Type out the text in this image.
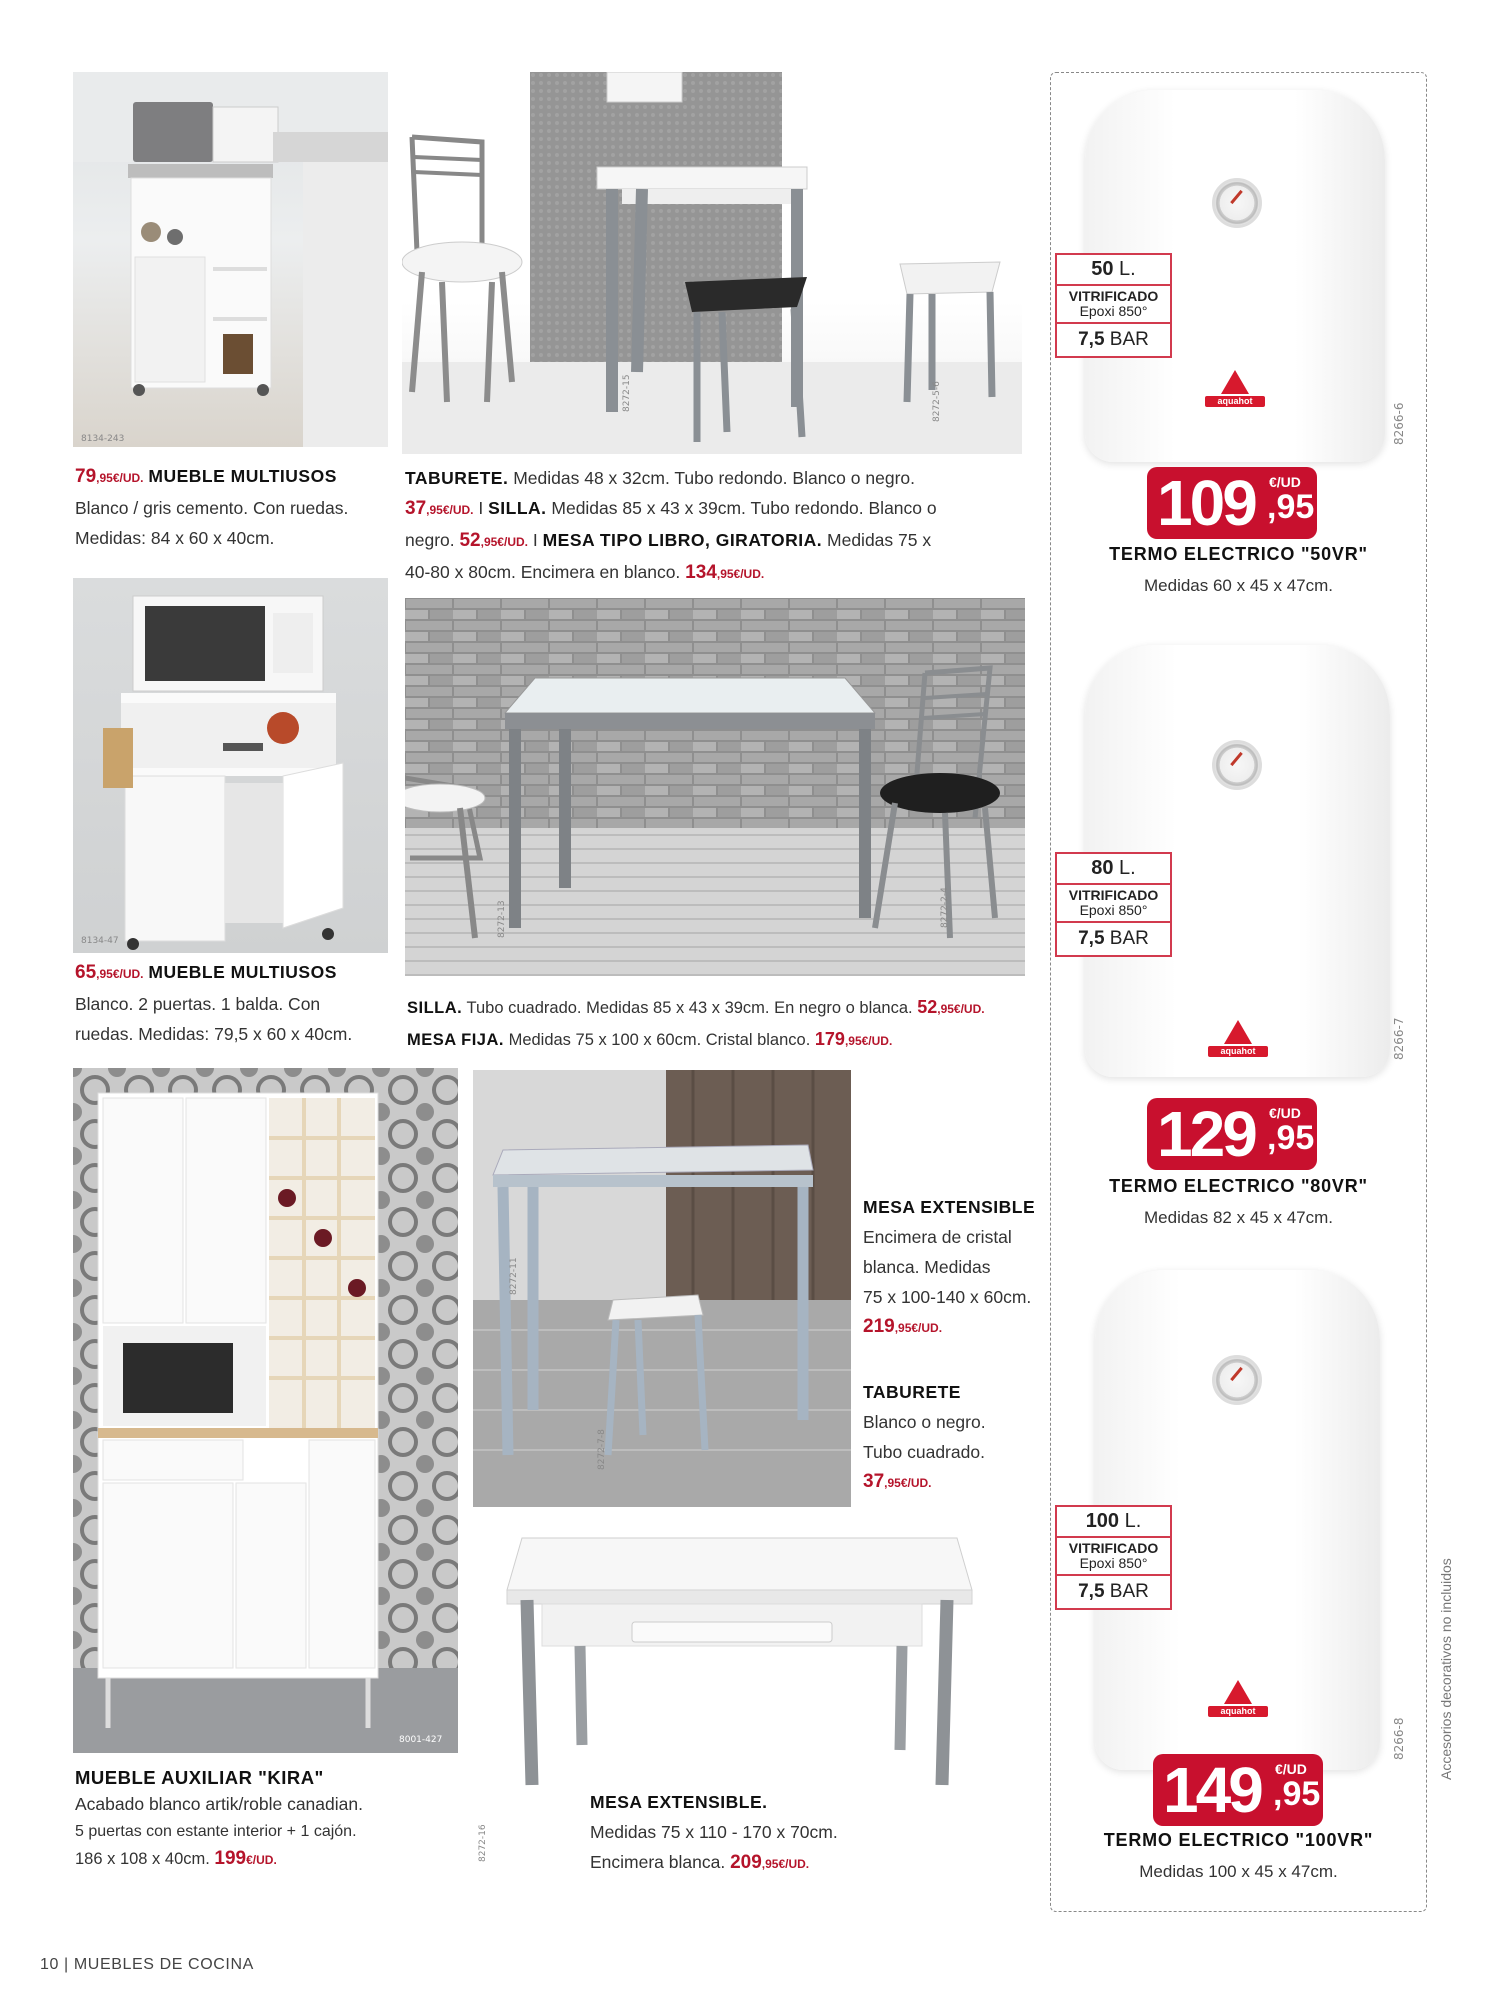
8134-243
8272-15	8272-5-6
79,95€/UD. MUEBLE MULTIUSOS
Blanco / gris cemento. Con ruedas.
Medidas: 84 x 60 x 40cm.
TABURETE. Medidas 48 x 32cm. Tubo redondo. Blanco o negro.
37,95€/UD. I SILLA. Medidas 85 x 43 x 39cm. Tubo redondo. Blanco o
negro. 52,95€/UD. I MESA TIPO LIBRO, GIRATORIA. Medidas 75 x
40-80 x 80cm. Encimera en blanco. 134,95€/UD.
8134-47
8272-13	8272-2-4
65,95€/UD. MUEBLE MULTIUSOS
Blanco. 2 puertas. 1 balda. Con
ruedas. Medidas: 79,5 x 60 x 40cm.
SILLA. Tubo cuadrado. Medidas 85 x 43 x 39cm. En negro o blanca. 52,95€/UD.
MESA FIJA. Medidas 75 x 100 x 60cm. Cristal blanco. 179,95€/UD.
8001-427
8272-11
8272-7-8
MESA EXTENSIBLE
Encimera de cristal
blanca. Medidas
75 x 100-140 x 60cm.
219,95€/UD.
TABURETE
Blanco o negro.
Tubo cuadrado.
37,95€/UD.
8272-16
MUEBLE AUXILIAR "KIRA"
Acabado blanco artik/roble canadian.
5 puertas con estante interior + 1 cajón.
186 x 108 x 40cm. 199€/UD.
MESA EXTENSIBLE.
Medidas 75 x 110 - 170 x 70cm.
Encimera blanca. 209,95€/UD.
aquahot
50 L.
VITRIFICADO
Epoxi 850°
7,5 BAR
8266-6
109 €/UD
,95
TERMO ELECTRICO "50VR"
Medidas 60 x 45 x 47cm.
aquahot
80 L.
VITRIFICADO
Epoxi 850°
7,5 BAR
8266-7
129 €/UD
,95
TERMO ELECTRICO "80VR"
Medidas 82 x 45 x 47cm.
aquahot
100 L.
VITRIFICADO
Epoxi 850°
7,5 BAR
8266-8
149 €/UD
,95
TERMO ELECTRICO "100VR"
Medidas 100 x 45 x 47cm.
Accesorios decorativos no incluidos
10 | MUEBLES DE COCINA
